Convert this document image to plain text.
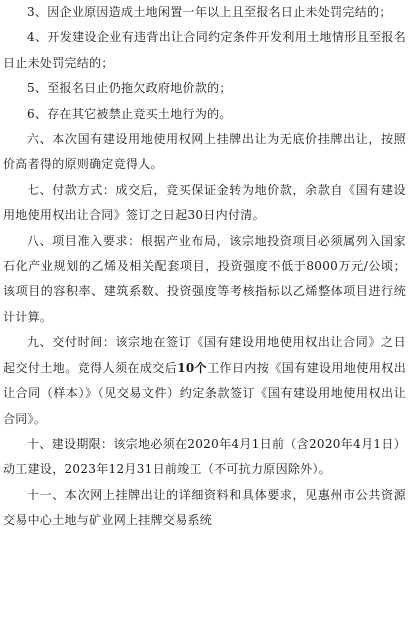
3、因企业原因造成土地闲置一年以上且至报名日止未处罚完结的；

4、开发建设企业有违背出让合同约定条件开发利用土地情形且至报名日止未处罚完结的；

5、至报名日止仍拖欠政府地价款的；

6、存在其它被禁止竞买土地行为的。

六、本次国有建设用地使用权网上挂牌出让为无底价挂牌出让，按照价高者得的原则确定竞得人。

七、付款方式：成交后，竞买保证金转为地价款，余款自《国有建设用地使用权出让合同》签订之日起30日内付清。

八、项目准入要求：根据产业布局，该宗地投资项目必须属列入国家石化产业规划的乙烯及相关配套项目，投资强度不低于8000万元/公顷；该项目的容积率、建筑系数、投资强度等考核指标以乙烯整体项目进行统计计算。

九、交付时间：该宗地在签订《国有建设用地使用权出让合同》之日起交付土地。竞得人须在成交后10个工作日内按《国有建设用地使用权出让合同（样本）》（见交易文件）约定条款签订《国有建设用地使用权出让合同》。

十、建设期限：该宗地必须在2020年4月1日前（含2020年4月1日）动工建设，2023年12月31日前竣工（不可抗力原因除外）。

十一、本次网上挂牌出让的详细资料和具体要求，见惠州市公共资源交易中心土地与矿业网上挂牌交易系统
